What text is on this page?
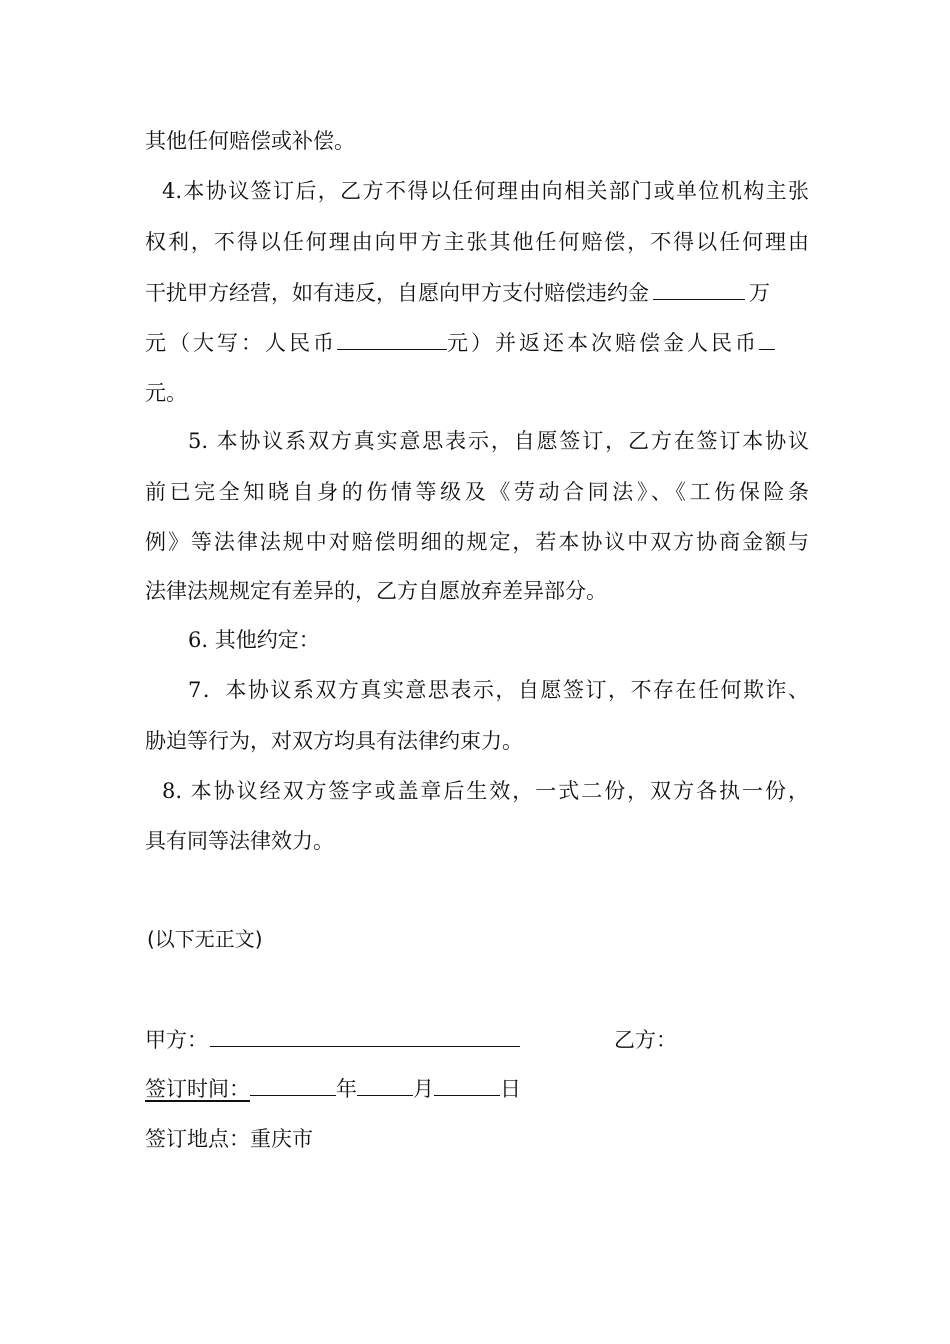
其他任何赔偿或补偿。
4.本协议签订后，乙方不得以任何理由向相关部门或单位机构主张
权利，不得以任何理由向甲方主张其他任何赔偿，不得以任何理由
干扰甲方经营，如有违反，自愿向甲方支付赔偿违约金	万
元（大写：人民币	元）并返还本次赔偿金人民币
元。
5. 本协议系双方真实意思表示，自愿签订，乙方在签订本协议
前已完全知晓自身的伤情等级及《劳动合同法》、《工伤保险条
例》等法律法规中对赔偿明细的规定，若本协议中双方协商金额与
法律法规规定有差异的，乙方自愿放弃差异部分。
6. 其他约定：
7．本协议系双方真实意思表示，自愿签订，不存在任何欺诈、
胁迫等行为，对双方均具有法律约束力。
8. 本协议经双方签字或盖章后生效，一式二份，双方各执一份，
具有同等法律效力。
(以下无正文)
甲方：	乙方：
签订时间：	年	月	日
签订地点：重庆市
